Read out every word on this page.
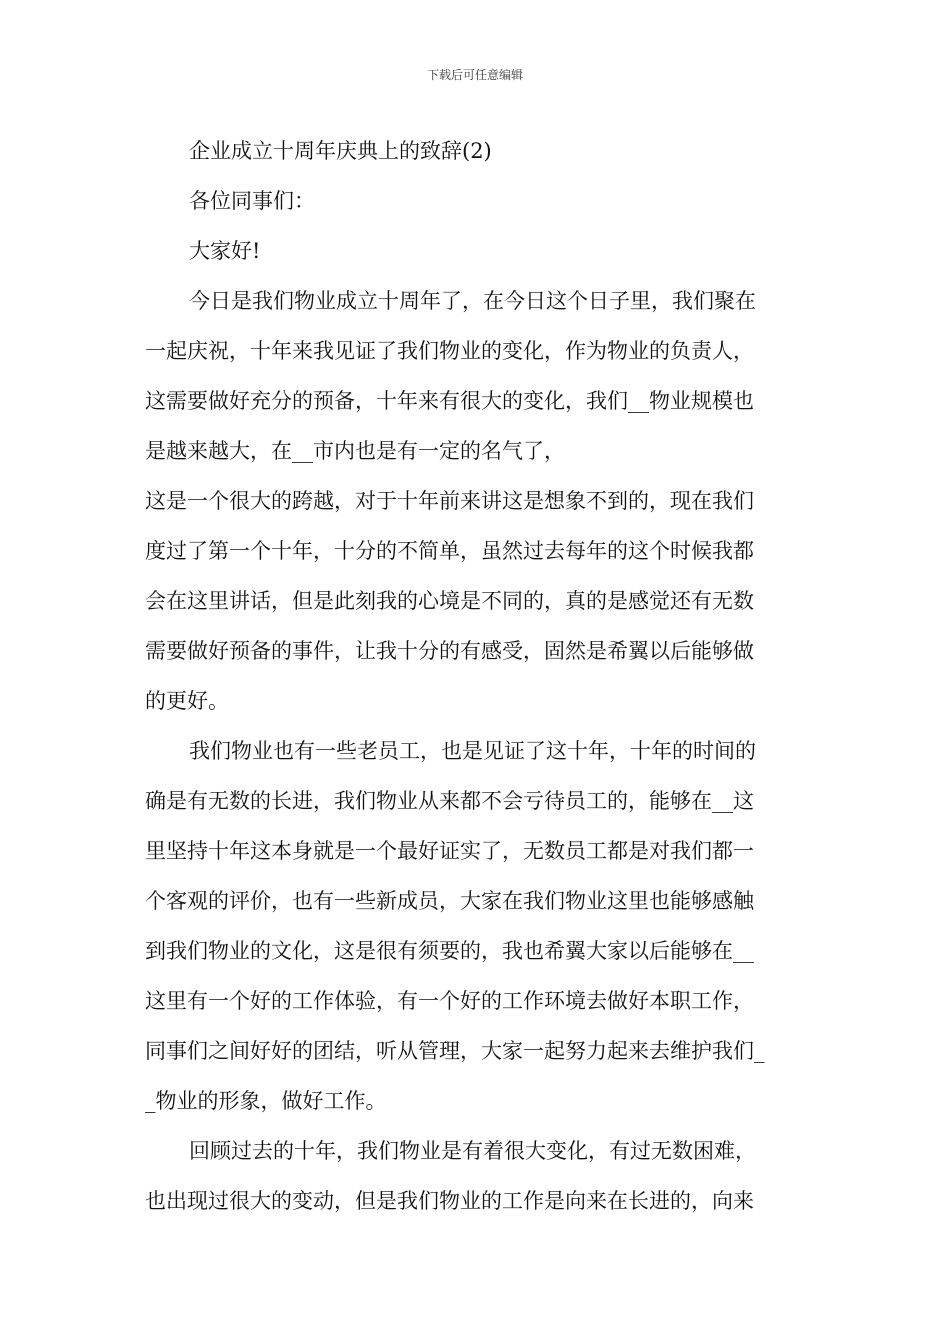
下载后可任意编辑
企业成立十周年庆典上的致辞(2)
各位同事们：
大家好!
今日是我们物业成立十周年了，在今日这个日子里，我们聚在
一起庆祝，十年来我见证了我们物业的变化，作为物业的负责人，
这需要做好充分的预备，十年来有很大的变化，我们__物业规模也
是越来越大，在__市内也是有一定的名气了，
这是一个很大的跨越，对于十年前来讲这是想象不到的，现在我们
度过了第一个十年，十分的不简单，虽然过去每年的这个时候我都
会在这里讲话，但是此刻我的心境是不同的，真的是感觉还有无数
需要做好预备的事件，让我十分的有感受，固然是希翼以后能够做
的更好。
我们物业也有一些老员工，也是见证了这十年，十年的时间的
确是有无数的长进，我们物业从来都不会亏待员工的，能够在__这
里坚持十年这本身就是一个最好证实了，无数员工都是对我们都一
个客观的评价，也有一些新成员，大家在我们物业这里也能够感触
到我们物业的文化，这是很有须要的，我也希翼大家以后能够在__
这里有一个好的工作体验，有一个好的工作环境去做好本职工作，
同事们之间好好的团结，听从管理，大家一起努力起来去维护我们_
_物业的形象，做好工作。
回顾过去的十年，我们物业是有着很大变化，有过无数困难，
也出现过很大的变动，但是我们物业的工作是向来在长进的，向来
